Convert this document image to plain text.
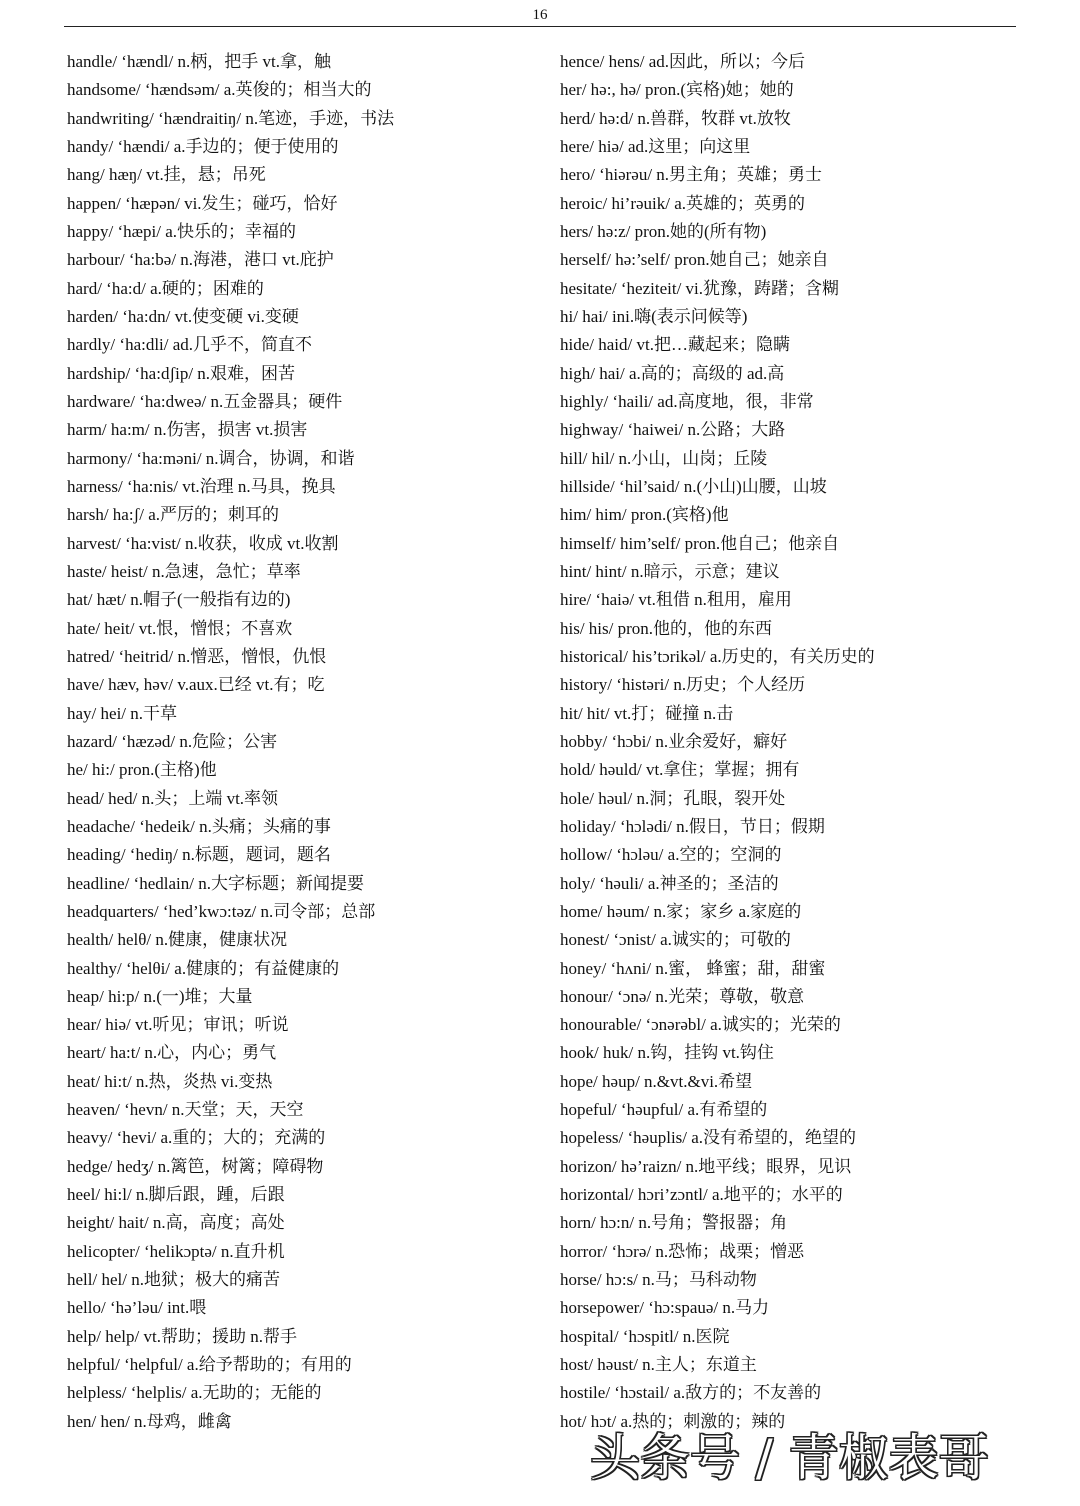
16
handle/ ‘hændl/ n.柄，把手 vt.拿，触
handsome/ ‘hændsəm/ a.英俊的；相当大的
handwriting/ ‘hændraitiŋ/ n.笔迹，手迹，书法
handy/ ‘hændi/ a.手边的；便于使用的
hang/ hæŋ/ vt.挂，悬；吊死
happen/ ‘hæpən/ vi.发生；碰巧，恰好
happy/ ‘hæpi/ a.快乐的；幸福的
harbour/ ‘ha:bə/ n.海港，港口 vt.庇护
hard/ ‘ha:d/ a.硬的；困难的
harden/ ‘ha:dn/ vt.使变硬 vi.变硬
hardly/ ‘ha:dli/ ad.几乎不，简直不
hardship/ ‘ha:dʃip/ n.艰难，困苦
hardware/ ‘ha:dweə/ n.五金器具；硬件
harm/ ha:m/ n.伤害，损害 vt.损害
harmony/ ‘ha:məni/ n.调合，协调，和谐
harness/ ‘ha:nis/ vt.治理 n.马具，挽具
harsh/ ha:ʃ/ a.严厉的；刺耳的
harvest/ ‘ha:vist/ n.收获，收成 vt.收割
haste/ heist/ n.急速，急忙；草率
hat/ hæt/ n.帽子(一般指有边的)
hate/ heit/ vt.恨，憎恨；不喜欢
hatred/ ‘heitrid/ n.憎恶，憎恨，仇恨
have/ hæv, həv/ v.aux.已经 vt.有；吃
hay/ hei/ n.干草
hazard/ ‘hæzəd/ n.危险；公害
he/ hi:/ pron.(主格)他
head/ hed/ n.头；上端 vt.率领
headache/ ‘hedeik/ n.头痛；头痛的事
heading/ ‘hediŋ/ n.标题，题词，题名
headline/ ‘hedlain/ n.大字标题；新闻提要
headquarters/ ‘hed’kwɔ:təz/ n.司令部；总部
health/ helθ/ n.健康，健康状况
healthy/ ‘helθi/ a.健康的；有益健康的
heap/ hi:p/ n.(一)堆；大量
hear/ hiə/ vt.听见；审讯；听说
heart/ ha:t/ n.心，内心；勇气
heat/ hi:t/ n.热，炎热 vi.变热
heaven/ ‘hevn/ n.天堂；天，天空
heavy/ ‘hevi/ a.重的；大的；充满的
hedge/ hedʒ/ n.篱笆，树篱；障碍物
heel/ hi:l/ n.脚后跟，踵，后跟
height/ hait/ n.高，高度；高处
helicopter/ ‘helikɔptə/ n.直升机
hell/ hel/ n.地狱；极大的痛苦
hello/ ‘hə’ləu/ int.喂
help/ help/ vt.帮助；援助 n.帮手
helpful/ ‘helpful/ a.给予帮助的；有用的
helpless/ ‘helplis/ a.无助的；无能的
hen/ hen/ n.母鸡，雌禽
hence/ hens/ ad.因此，所以；今后
her/ hə:, hə/ pron.(宾格)她；她的
herd/ hə:d/ n.兽群，牧群 vt.放牧
here/ hiə/ ad.这里；向这里
hero/ ‘hiərəu/ n.男主角；英雄；勇士
heroic/ hi’rəuik/ a.英雄的；英勇的
hers/ hə:z/ pron.她的(所有物)
herself/ hə:’self/ pron.她自己；她亲自
hesitate/ ‘heziteit/ vi.犹豫，踌躇；含糊
hi/ hai/ ini.嗨(表示问候等)
hide/ haid/ vt.把…藏起来；隐瞒
high/ hai/ a.高的；高级的 ad.高
highly/ ‘haili/ ad.高度地，很，非常
highway/ ‘haiwei/ n.公路；大路
hill/ hil/ n.小山，山岗；丘陵
hillside/ ‘hil’said/ n.(小山)山腰，山坡
him/ him/ pron.(宾格)他
himself/ him’self/ pron.他自己；他亲自
hint/ hint/ n.暗示，示意；建议
hire/ ‘haiə/ vt.租借 n.租用，雇用
his/ his/ pron.他的，他的东西
historical/ his’tɔrikəl/ a.历史的，有关历史的
history/ ‘histəri/ n.历史；个人经历
hit/ hit/ vt.打；碰撞 n.击
hobby/ ‘hɔbi/ n.业余爱好，癖好
hold/ həuld/ vt.拿住；掌握；拥有
hole/ həul/ n.洞；孔眼，裂开处
holiday/ ‘hɔlədi/ n.假日，节日；假期
hollow/ ‘hɔləu/ a.空的；空洞的
holy/ ‘həuli/ a.神圣的；圣洁的
home/ həum/ n.家；家乡 a.家庭的
honest/ ‘ɔnist/ a.诚实的；可敬的
honey/ ‘hʌni/ n.蜜， 蜂蜜；甜，甜蜜
honour/ ‘ɔnə/ n.光荣；尊敬，敬意
honourable/ ‘ɔnərəbl/ a.诚实的；光荣的
hook/ huk/ n.钩，挂钩 vt.钩住
hope/ həup/ n.&vt.&vi.希望
hopeful/ ‘həupful/ a.有希望的
hopeless/ ‘həuplis/ a.没有希望的，绝望的
horizon/ hə’raizn/ n.地平线；眼界，见识
horizontal/ hɔri’zɔntl/ a.地平的；水平的
horn/ hɔ:n/ n.号角；警报器；角
horror/ ‘hɔrə/ n.恐怖；战栗；憎恶
horse/ hɔ:s/ n.马；马科动物
horsepower/ ‘hɔ:spauə/ n.马力
hospital/ ‘hɔspitl/ n.医院
host/ həust/ n.主人；东道主
hostile/ ‘hɔstail/ a.敌方的；不友善的
hot/ hɔt/ a.热的；刺激的；辣的
头条号 / 青椒表哥
